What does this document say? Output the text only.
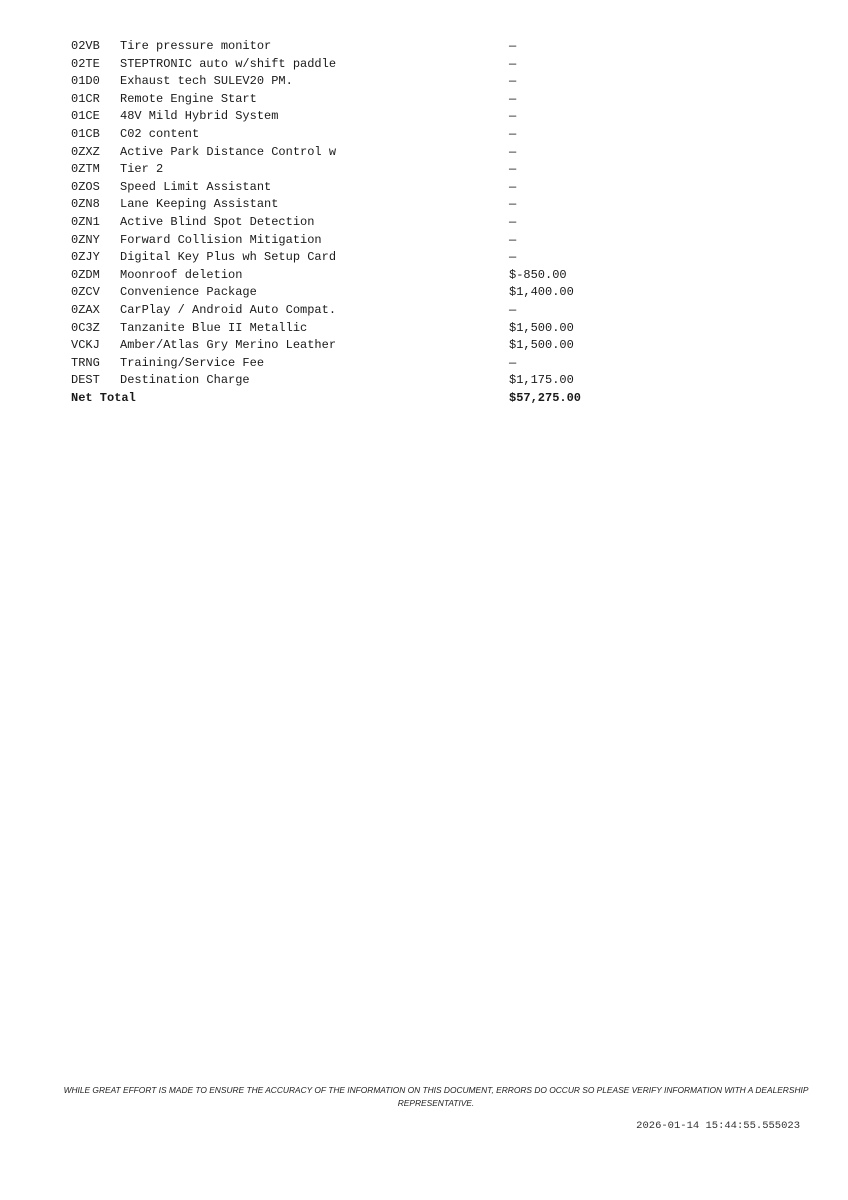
02VB	Tire pressure monitor	—
02TE	STEPTRONIC auto w/shift paddle	—
01D0	Exhaust tech SULEV20 PM.	—
01CR	Remote Engine Start	—
01CE	48V Mild Hybrid System	—
01CB	C02 content	—
0ZXZ	Active Park Distance Control w	—
0ZTM	Tier 2	—
0ZOS	Speed Limit Assistant	—
0ZN8	Lane Keeping Assistant	—
0ZN1	Active Blind Spot Detection	—
0ZNY	Forward Collision Mitigation	—
0ZJY	Digital Key Plus wh Setup Card	—
0ZDM	Moonroof deletion	$-850.00
0ZCV	Convenience Package	$1,400.00
0ZAX	CarPlay / Android Auto Compat.	—
0C3Z	Tanzanite Blue II Metallic	$1,500.00
VCKJ	Amber/Atlas Gry Merino Leather	$1,500.00
TRNG	Training/Service Fee	—
DEST	Destination Charge	$1,175.00
Net Total		$57,275.00
WHILE GREAT EFFORT IS MADE TO ENSURE THE ACCURACY OF THE INFORMATION ON THIS DOCUMENT, ERRORS DO OCCUR SO PLEASE VERIFY INFORMATION WITH A DEALERSHIP REPRESENTATIVE.
2026-01-14 15:44:55.555023
